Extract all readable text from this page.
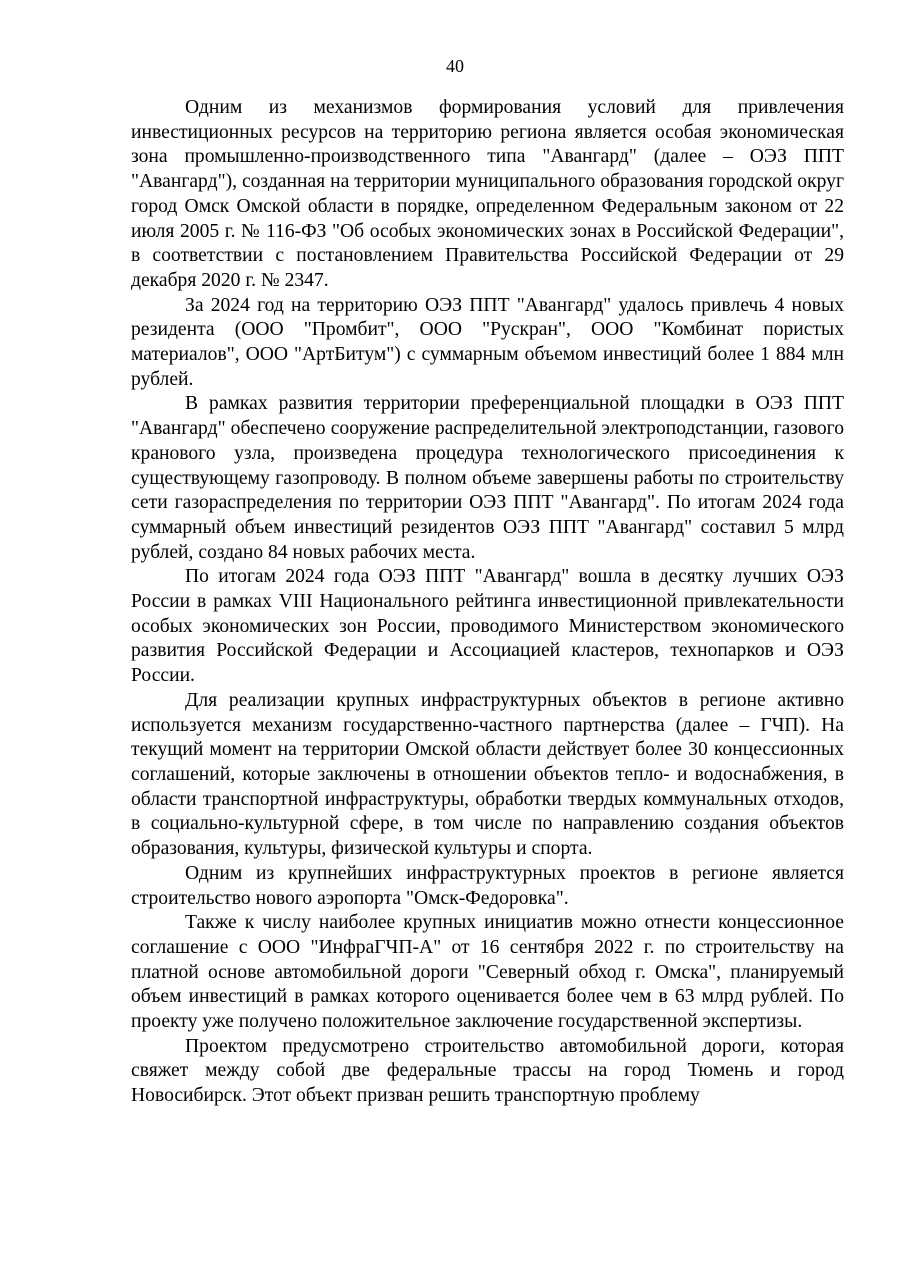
40

Одним из механизмов формирования условий для привлечения инвестиционных ресурсов на территорию региона является особая экономическая зона промышленно-производственного типа "Авангард" (далее – ОЭЗ ППТ "Авангард"), созданная на территории муниципального образования городской округ город Омск Омской области в порядке, определенном Федеральным законом от 22 июля 2005 г. № 116-ФЗ "Об особых экономических зонах в Российской Федерации", в соответствии с постановлением Правительства Российской Федерации от 29 декабря 2020 г. № 2347.

За 2024 год на территорию ОЭЗ ППТ "Авангард" удалось привлечь 4 новых резидента (ООО "Промбит", ООО "Рускран", ООО "Комбинат пористых материалов", ООО "АртБитум") с суммарным объемом инвестиций более 1 884 млн рублей.

В рамках развития территории преференциальной площадки в ОЭЗ ППТ "Авангард" обеспечено сооружение распределительной электроподстанции, газового кранового узла, произведена процедура технологического присоединения к существующему газопроводу. В полном объеме завершены работы по строительству сети газораспределения по территории ОЭЗ ППТ "Авангард". По итогам 2024 года суммарный объем инвестиций резидентов ОЭЗ ППТ "Авангард" составил 5 млрд рублей, создано 84 новых рабочих места.

По итогам 2024 года ОЭЗ ППТ "Авангард" вошла в десятку лучших ОЭЗ России в рамках VIII Национального рейтинга инвестиционной привлекательности особых экономических зон России, проводимого Министерством экономического развития Российской Федерации и Ассоциацией кластеров, технопарков и ОЭЗ России.

Для реализации крупных инфраструктурных объектов в регионе активно используется механизм государственно-частного партнерства (далее – ГЧП). На текущий момент на территории Омской области действует более 30 концессионных соглашений, которые заключены в отношении объектов тепло- и водоснабжения, в области транспортной инфраструктуры, обработки твердых коммунальных отходов, в социально-культурной сфере, в том числе по направлению создания объектов образования, культуры, физической культуры и спорта.

Одним из крупнейших инфраструктурных проектов в регионе является строительство нового аэропорта "Омск-Федоровка".

Также к числу наиболее крупных инициатив можно отнести концессионное соглашение с ООО "ИнфраГЧП-А" от 16 сентября 2022 г. по строительству на платной основе автомобильной дороги "Северный обход г. Омска", планируемый объем инвестиций в рамках которого оценивается более чем в 63 млрд рублей. По проекту уже получено положительное заключение государственной экспертизы.

Проектом предусмотрено строительство автомобильной дороги, которая свяжет между собой две федеральные трассы на город Тюмень и город Новосибирск. Этот объект призван решить транспортную проблему
